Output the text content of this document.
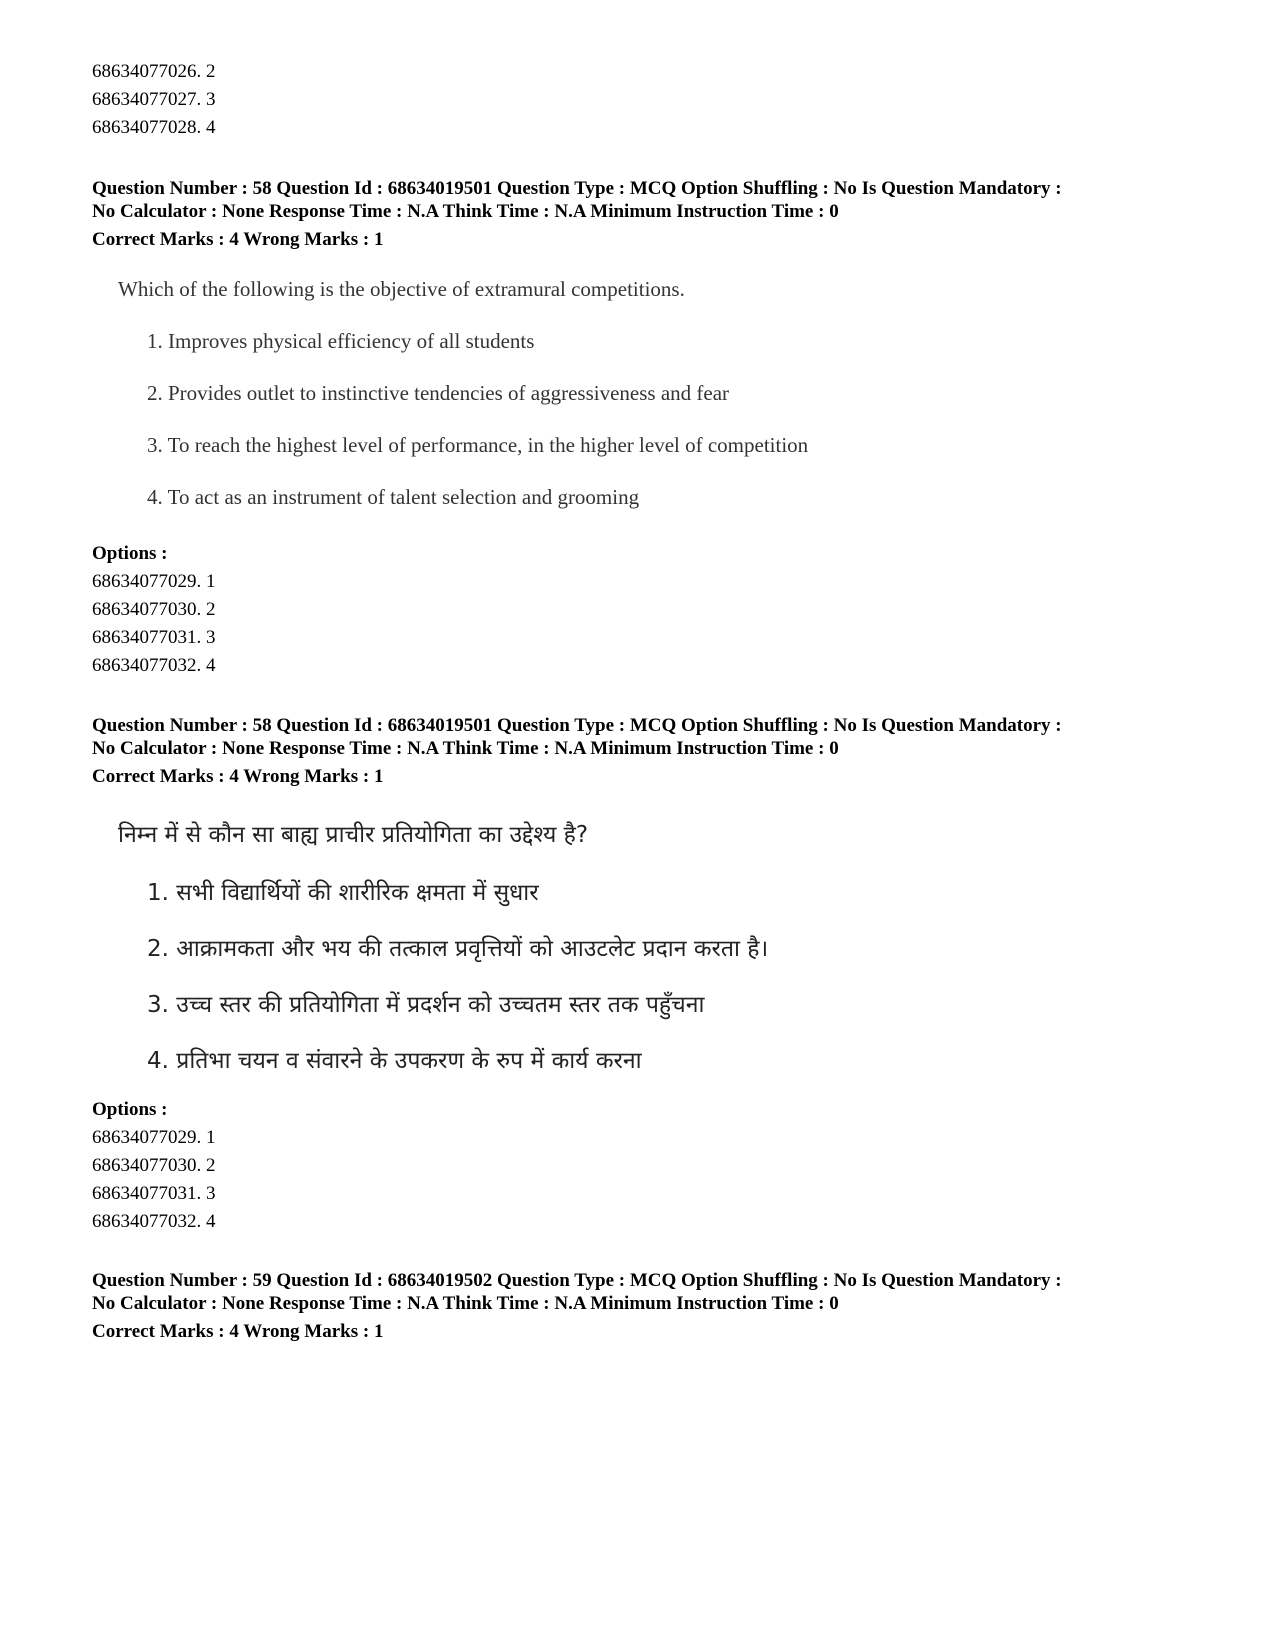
68634077026. 2
68634077027. 3
68634077028. 4
Question Number : 58 Question Id : 68634019501 Question Type : MCQ Option Shuffling : No Is Question Mandatory :
No Calculator : None Response Time : N.A Think Time : N.A Minimum Instruction Time : 0
Correct Marks : 4 Wrong Marks : 1
Which of the following is the objective of extramural competitions.
1. Improves physical efficiency of all students
2. Provides outlet to instinctive tendencies of aggressiveness and fear
3. To reach the highest level of performance, in the higher level of competition
4. To act as an instrument of talent selection and grooming
Options :
68634077029. 1
68634077030. 2
68634077031. 3
68634077032. 4
Question Number : 58 Question Id : 68634019501 Question Type : MCQ Option Shuffling : No Is Question Mandatory :
No Calculator : None Response Time : N.A Think Time : N.A Minimum Instruction Time : 0
Correct Marks : 4 Wrong Marks : 1
निम्न में से कौन सा बाह्य प्राचीर प्रतियोगिता का उद्देश्य है?
1. सभी विद्यार्थियों की शारीरिक क्षमता में सुधार
2. आक्रामकता और भय की तत्काल प्रवृत्तियों को आउटलेट प्रदान करता है।
3. उच्च स्तर की प्रतियोगिता में प्रदर्शन को उच्चतम स्तर तक पहुँचना
4. प्रतिभा चयन व संवारने के उपकरण के रुप में कार्य करना
Options :
68634077029. 1
68634077030. 2
68634077031. 3
68634077032. 4
Question Number : 59 Question Id : 68634019502 Question Type : MCQ Option Shuffling : No Is Question Mandatory :
No Calculator : None Response Time : N.A Think Time : N.A Minimum Instruction Time : 0
Correct Marks : 4 Wrong Marks : 1
